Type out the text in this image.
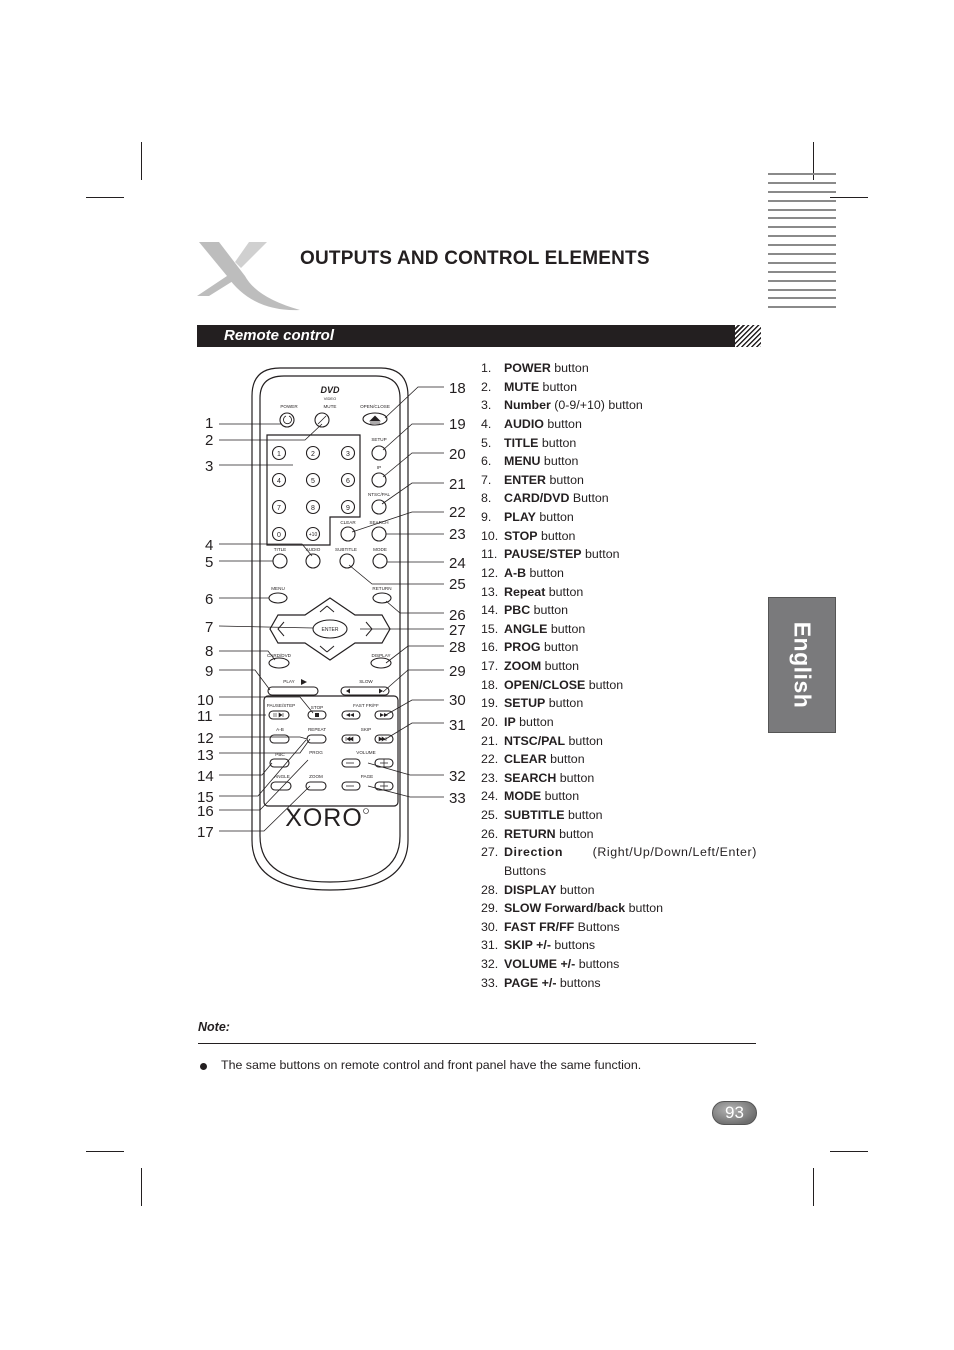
English
OUTPUTS AND CONTROL ELEMENTS
Remote control
DVD
VIDEO
POWER	MUTE	OPEN/CLOSE
SETUP
IP
NTSC/PAL
CLEAR	SEARCH
TITLE	AUDIO	SUBTITLE	MODE
MENU	RETURN
CARD/DVD	DISPLAY
PLAY	SLOW
PAUSE/STEP	STOP	FAST FR/FF
A-B	REPEAT	SKIP
PBC	PROG	VOLUME
ANGLE	ZOOM	PAGE
1	2	3
4	5	6
7	8	9
0	+10
ENTER
XORO
1
2
3
4
5
6
7
8
9
10
11
12
13
14
15
16
17
18
19
20
21
22
23
24
25
26
27
28
29
30
31
32
33
1.	POWER button
2.	MUTE button
3.	Number (0-9/+10) button
4.	AUDIO button
5.	TITLE button
6.	MENU button
7.	ENTER button
8.	CARD/DVD Button
9.	PLAY button
10. STOP button
11. PAUSE/STEP button
12. A-B button
13. Repeat button
14. PBC button
15. ANGLE button
16. PROG button
17. ZOOM button
18. OPEN/CLOSE button
19. SETUP button
20. IP button
21. NTSC/PAL button
22. CLEAR button
23. SEARCH button
24. MODE button
25. SUBTITLE button
26. RETURN button
27. Direction (Right/Up/Down/Left/Enter)
Buttons
28. DISPLAY button
29. SLOW Forward/back button
30. FAST FR/FF Buttons
31. SKIP +/- buttons
32. VOLUME +/- buttons
33. PAGE +/- buttons
Note:
The same buttons on remote control and front panel have the same function.
93
